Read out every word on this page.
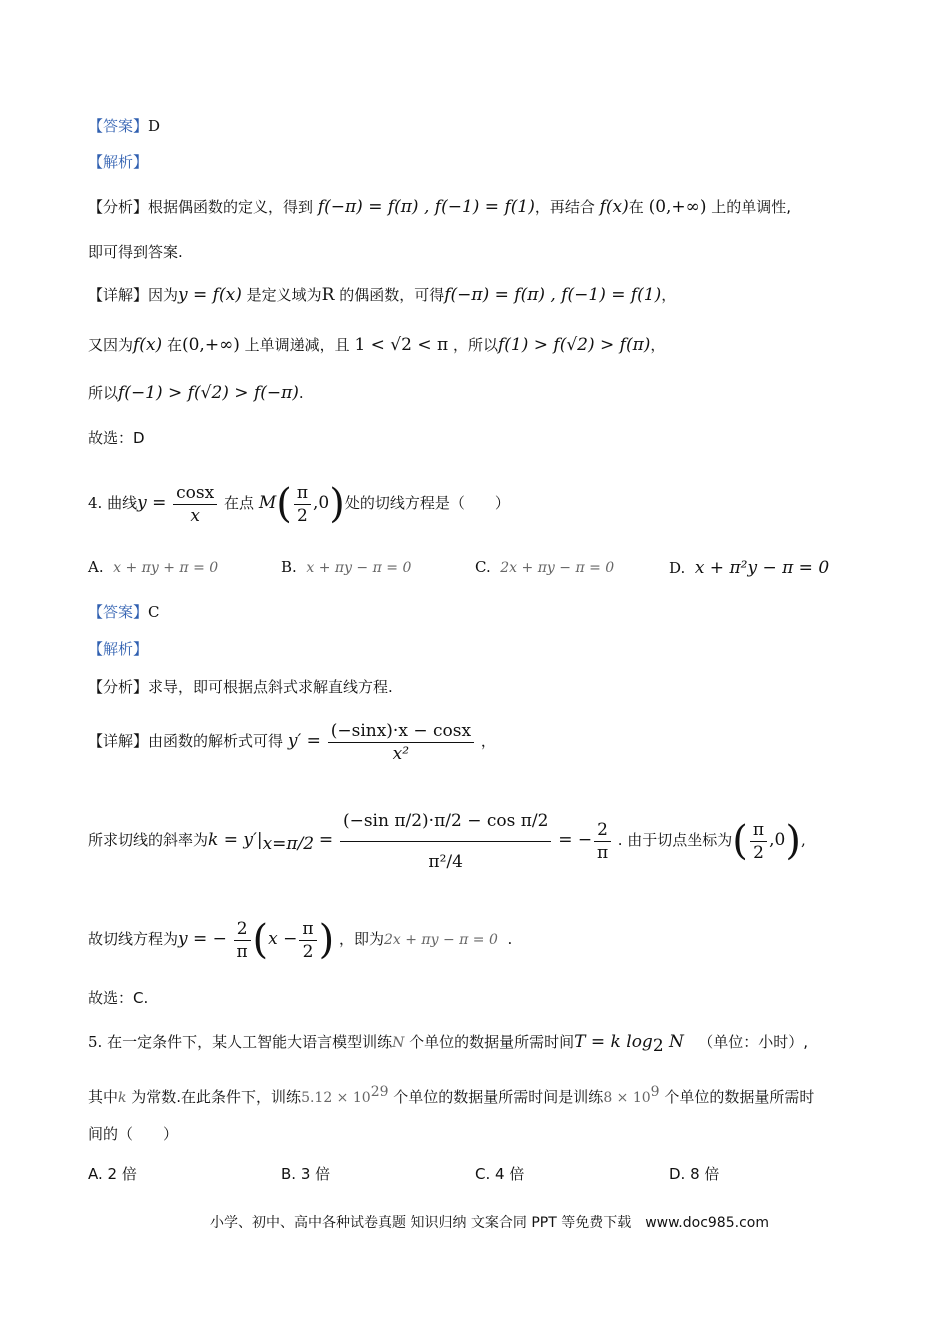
【答案】D
【解析】
【分析】根据偶函数的定义，得到 f(−π) = f(π) , f(−1) = f(1)，再结合 f(x)在 (0,+∞) 上的单调性,
即可得到答案.
【详解】因为y = f(x) 是定义域为R 的偶函数，可得f(−π) = f(π) , f(−1) = f(1)，
又因为f(x) 在(0,+∞) 上单调递减，且 1 < √2 < π ，所以f(1) > f(√2) > f(π)，
所以f(−1) > f(√2) > f(−π).
故选：D
4. 曲线$y = \frac{\cos x}{x}$ 在点 $M( \frac{\pi}{2} ,0)$处的切线方程是（　　）
A. x + πy + π = 0	B. x + πy − π = 0	C. 2x + πy − π = 0	D. x + π²y − π = 0
【答案】C
【解析】
【分析】求导，即可根据点斜式求解直线方程.
【详解】由函数的解析式可得 $y' = \frac{(-\sin x)\cdot x - \cos x}{\text{x²}}$ ，
所求切线的斜率为$k = y'|_{x=\pi/2} = \frac{\text{(−sin π/2)·π/2 − cos π/2}}{\text{π²/4}}$ = − $\frac{2}{\pi}$ . 由于切点坐标为( $\frac{\pi}{2} ,0$),
故切线方程为y = − $\frac{2}{\pi} (x - \frac{\pi}{2}$ ) ，即为2x + πy − π = 0 .
故选：C.
5. 在一定条件下，某人工智能大语言模型训练N 个单位的数据量所需时间T = k $\log_2 N$ （单位：小时）,
其中k 为常数.在此条件下，训练$5.12 \times 10^{29}$ 个单位的数据量所需时间是训练$8 \times 10^9$ 个单位的数据量所需时
间的（　　）
A. 2 倍	B. 3 倍	C. 4 倍	D. 8 倍
小学、初中、高中各种试卷真题 知识归纳 文案合同 PPT 等免费下载　www.doc985.com
